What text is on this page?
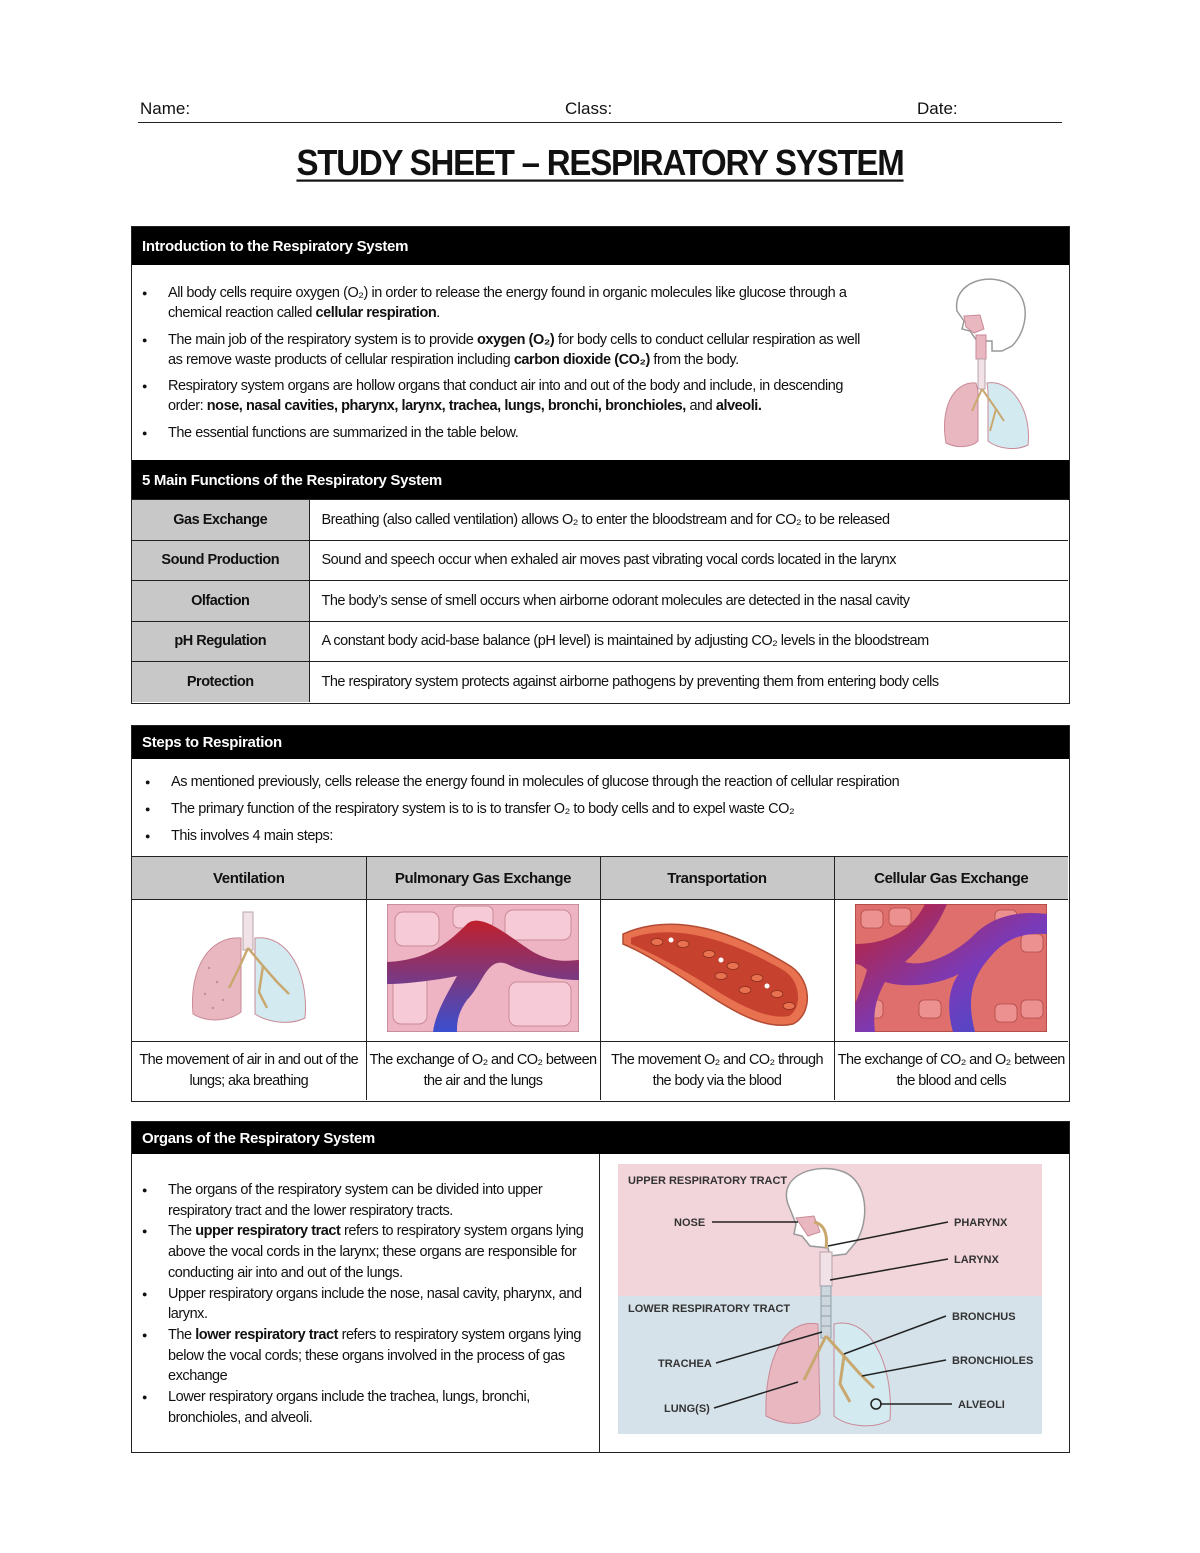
Name:	Class:	Date:
STUDY SHEET – RESPIRATORY SYSTEM
Introduction to the Respiratory System
● All body cells require oxygen (O₂) in order to release the energy found in organic molecules like glucose through a chemical reaction called cellular respiration.
● The main job of the respiratory system is to provide oxygen (O₂) for body cells to conduct cellular respiration as well as remove waste products of cellular respiration including carbon dioxide (CO₂) from the body.
● Respiratory system organs are hollow organs that conduct air into and out of the body and include, in descending order: nose, nasal cavities, pharynx, larynx, trachea, lungs, bronchi, bronchioles, and alveoli.
● The essential functions are summarized in the table below.
5 Main Functions of the Respiratory System
Gas Exchange	Breathing (also called ventilation) allows O₂ to enter the bloodstream and for CO₂ to be released
Sound Production	Sound and speech occur when exhaled air moves past vibrating vocal cords located in the larynx
Olfaction	The body’s sense of smell occurs when airborne odorant molecules are detected in the nasal cavity
pH Regulation	A constant body acid-base balance (pH level) is maintained by adjusting CO₂ levels in the bloodstream
Protection	The respiratory system protects against airborne pathogens by preventing them from entering body cells
Steps to Respiration
● As mentioned previously, cells release the energy found in molecules of glucose through the reaction of cellular respiration
● The primary function of the respiratory system is to is to transfer O₂ to body cells and to expel waste CO₂
● This involves 4 main steps:
Ventilation	Pulmonary Gas Exchange	Transportation	Cellular Gas Exchange

The movement of air in and out of the lungs; aka breathing	The exchange of O₂ and CO₂ between the air and the lungs	The movement O₂ and CO₂ through the body via the blood	The exchange of CO₂ and O₂ between the blood and cells
Organs of the Respiratory System
● The organs of the respiratory system can be divided into upper respiratory tract and the lower respiratory tracts.
● The upper respiratory tract refers to respiratory system organs lying above the vocal cords in the larynx; these organs are responsible for conducting air into and out of the lungs.
● Upper respiratory organs include the nose, nasal cavity, pharynx, and larynx.
● The lower respiratory tract refers to respiratory system organs lying below the vocal cords; these organs involved in the process of gas exchange
● Lower respiratory organs include the trachea, lungs, bronchi, bronchioles, and alveoli.
UPPER RESPIRATORY TRACT
LOWER RESPIRATORY TRACT
NOSE	PHARYNX
LARYNX
BRONCHUS
BRONCHIOLES
TRACHEA
ALVEOLI
LUNG(S)
